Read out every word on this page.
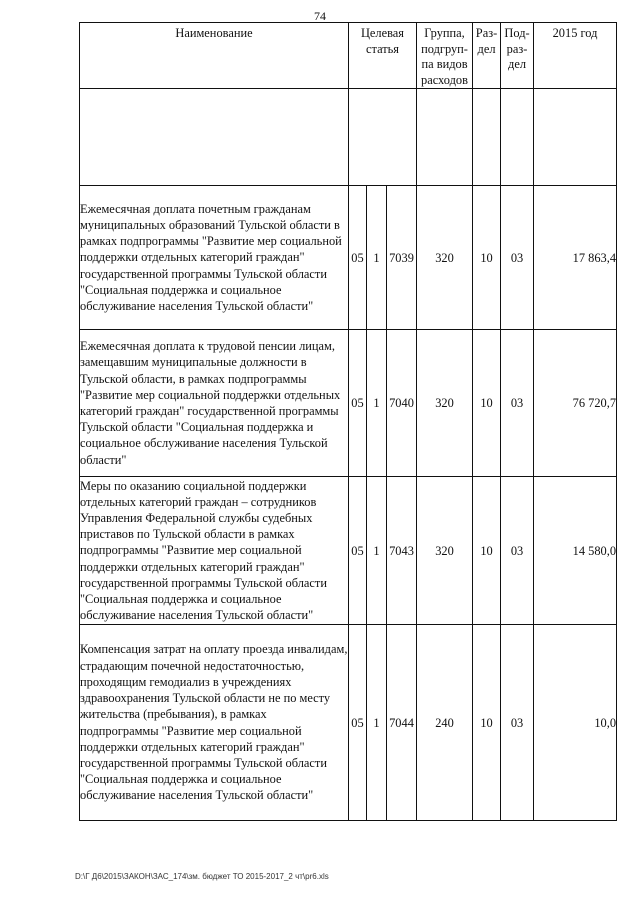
74
Наименование	Целевая статья			Группа, подгруп-па видов расходов	Раз-дел	Под-раз-дел	2015 год

Ежемесячная доплата почетным гражданам муниципальных образований Тульской области в рамках подпрограммы "Развитие мер социальной поддержки отдельных категорий граждан" государственной программы Тульской области "Социальная поддержка и социальное обслуживание населения Тульской области"	05	1	7039	320	10	03	17 863,4
Ежемесячная доплата к трудовой пенсии лицам, замещавшим муниципальные должности в Тульской области, в рамках подпрограммы "Развитие мер социальной поддержки отдельных категорий граждан" государственной программы Тульской области "Социальная поддержка и социальное обслуживание населения Тульской области"	05	1	7040	320	10	03	76 720,7
Меры по оказанию социальной поддержки отдельных категорий граждан – сотрудников Управления Федеральной службы судебных приставов по Тульской области в рамках подпрограммы "Развитие мер социальной поддержки отдельных категорий граждан" государственной программы Тульской области "Социальная поддержка и социальное обслуживание населения Тульской области"	05	1	7043	320	10	03	14 580,0
Компенсация затрат на оплату проезда инвалидам, страдающим почечной недостаточностью, проходящим гемодиализ в учреждениях здравоохранения Тульской области не по месту жительства (пребывания), в рамках подпрограммы "Развитие мер социальной поддержки отдельных категорий граждан" государственной программы Тульской области "Социальная поддержка и социальное обслуживание населения Тульской области"	05	1	7044	240	10	03	10,0
D:\Г Д6\2015\ЗАКОН\ЗАС_174\зм. бюджет ТО 2015-2017_2 чт\pr6.xls
